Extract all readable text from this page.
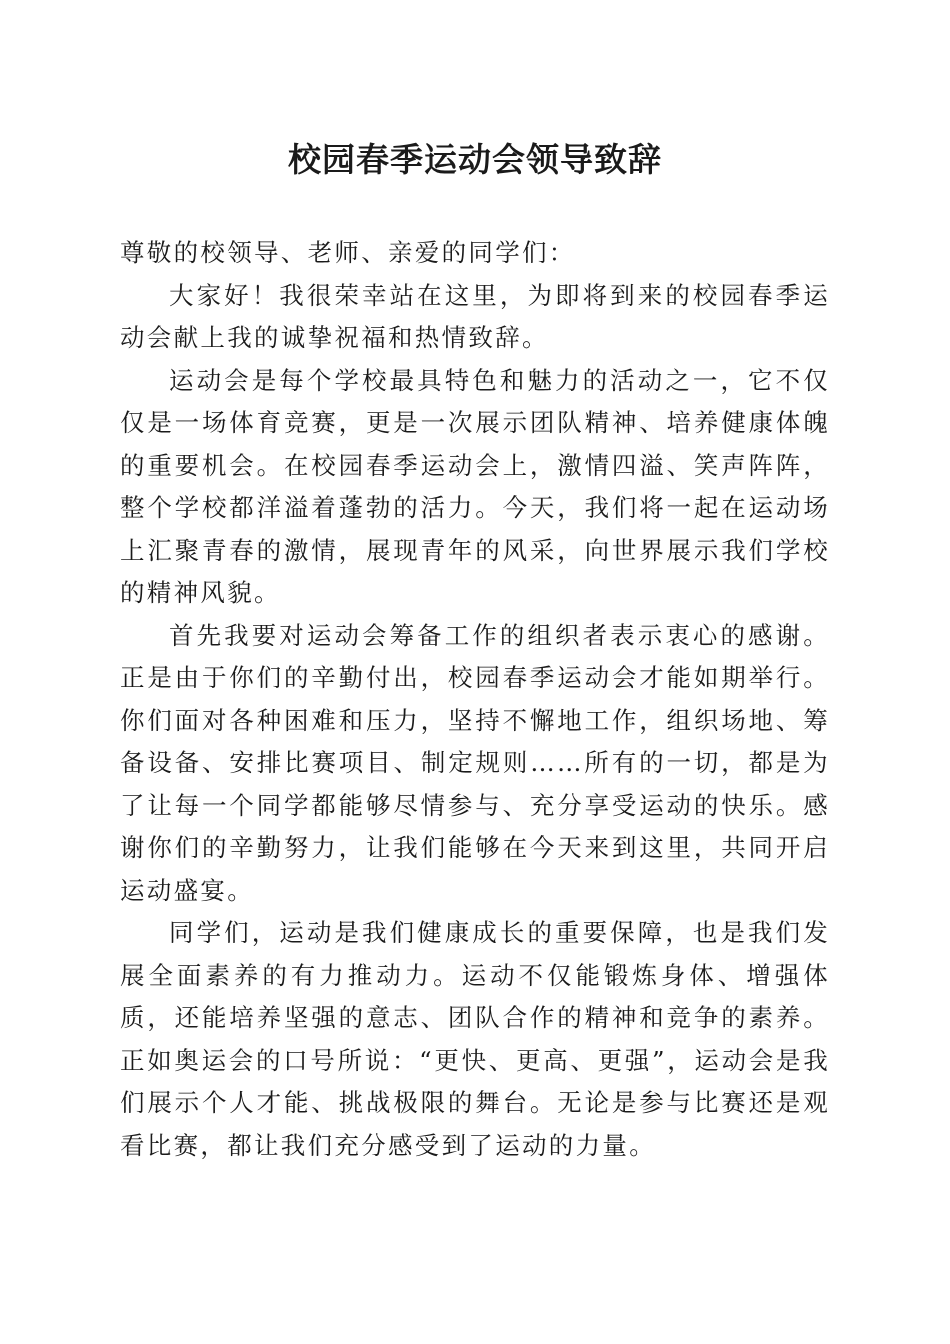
校园春季运动会领导致辞

尊敬的校领导、老师、亲爱的同学们：

大家好！我很荣幸站在这里，为即将到来的校园春季运动会献上我的诚挚祝福和热情致辞。

运动会是每个学校最具特色和魅力的活动之一，它不仅仅是一场体育竞赛，更是一次展示团队精神、培养健康体魄的重要机会。在校园春季运动会上，激情四溢、笑声阵阵，整个学校都洋溢着蓬勃的活力。今天，我们将一起在运动场上汇聚青春的激情，展现青年的风采，向世界展示我们学校的精神风貌。

首先我要对运动会筹备工作的组织者表示衷心的感谢。正是由于你们的辛勤付出，校园春季运动会才能如期举行。你们面对各种困难和压力，坚持不懈地工作，组织场地、筹备设备、安排比赛项目、制定规则……所有的一切，都是为了让每一个同学都能够尽情参与、充分享受运动的快乐。感谢你们的辛勤努力，让我们能够在今天来到这里，共同开启运动盛宴。

同学们，运动是我们健康成长的重要保障，也是我们发展全面素养的有力推动力。运动不仅能锻炼身体、增强体质，还能培养坚强的意志、团队合作的精神和竞争的素养。正如奥运会的口号所说：“更快、更高、更强”，运动会是我们展示个人才能、挑战极限的舞台。无论是参与比赛还是观看比赛，都让我们充分感受到了运动的力量。
